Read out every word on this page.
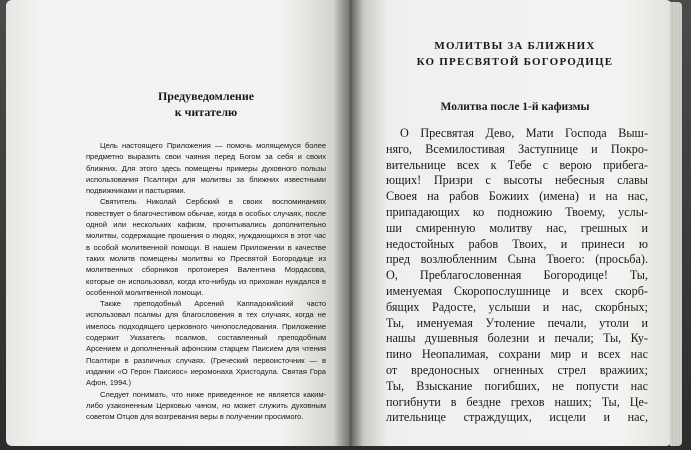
Предуведомление
к читателю

Цель настоящего Приложения — помочь молящемуся более предметно выразить свои чаяния перед Богом за себя и своих ближних. Для этого здесь помещены примеры духовного пользы использования Псалтири для молитвы за ближних известными подвижниками и пастырями.

Святитель Николай Сербский в своих воспоминаниях повествует о благочестивом обычае, когда в особых случаях, после одной или нескольких кафизм, прочитывались дополнительно молитвы, содержащие прошения о людях, нуждающихся в этот час в особой молитвенной помощи. В нашем Приложении в качестве таких молитв помещены молитвы ко Пресвятой Богородице из молитвенных сборников протоиерея Валентина Мордасова, которые он использовал, когда кто-нибудь из прихожан нуждался в особенной молитвенной помощи.

Также преподобный Арсений Каппадокийский часто использовал псалмы для благословения в тех случаях, когда не имелось подходящего церковного чинопоследования. Приложение содержит Указатель псалмов, составленный преподобным Арсением и дополненный афонским старцем Паисием для чтения Псалтири в различных случаях. (Греческий первоисточник — в издании «О Герон Паисиос» иеромонаха Христодула. Святая Гора Афон, 1994.)

Следует понимать, что ниже приведенное не является каким-либо узаконенным Церковью чином, но может служить духовным советом Отцов для возгревания веры в получении просимого.

МОЛИТВЫ ЗА БЛИЖНИХ
КО ПРЕСВЯТОЙ БОГОРОДИЦЕ
Молитва после 1-й кафизмы
О Пресвятая Дево, Мати Господа Выш-
няго, Всемилостивая Заступнице и Покро-
вительнице всех к Тебе с верою прибега-
ющих! Призри с высоты небесныя славы
Своея на рабов Божиих (имена) и на нас,
припадающих ко подножию Твоему, услы-
ши смиренную молитву нас, грешных и
недостойных рабов Твоих, и принеси ю
пред возлюбленним Сына Твоего: (просьба).
О, Преблагословенная Богородице! Ты,
именуемая Скоропослушнице и всех скорб-
бящих Радосте, услыши и нас, скорбных;
Ты, именуемая Утоление печали, утоли и
нашы душевныя болезни и печали; Ты, Ку-
пино Неопалимая, сохрани мир и всех нас
от вредоносных огненных стрел вражиих;
Ты, Взыскание погибших, не попусти нас
погибнути в бездне грехов наших; Ты, Це-
лительнице страждущих, исцели и нас,
